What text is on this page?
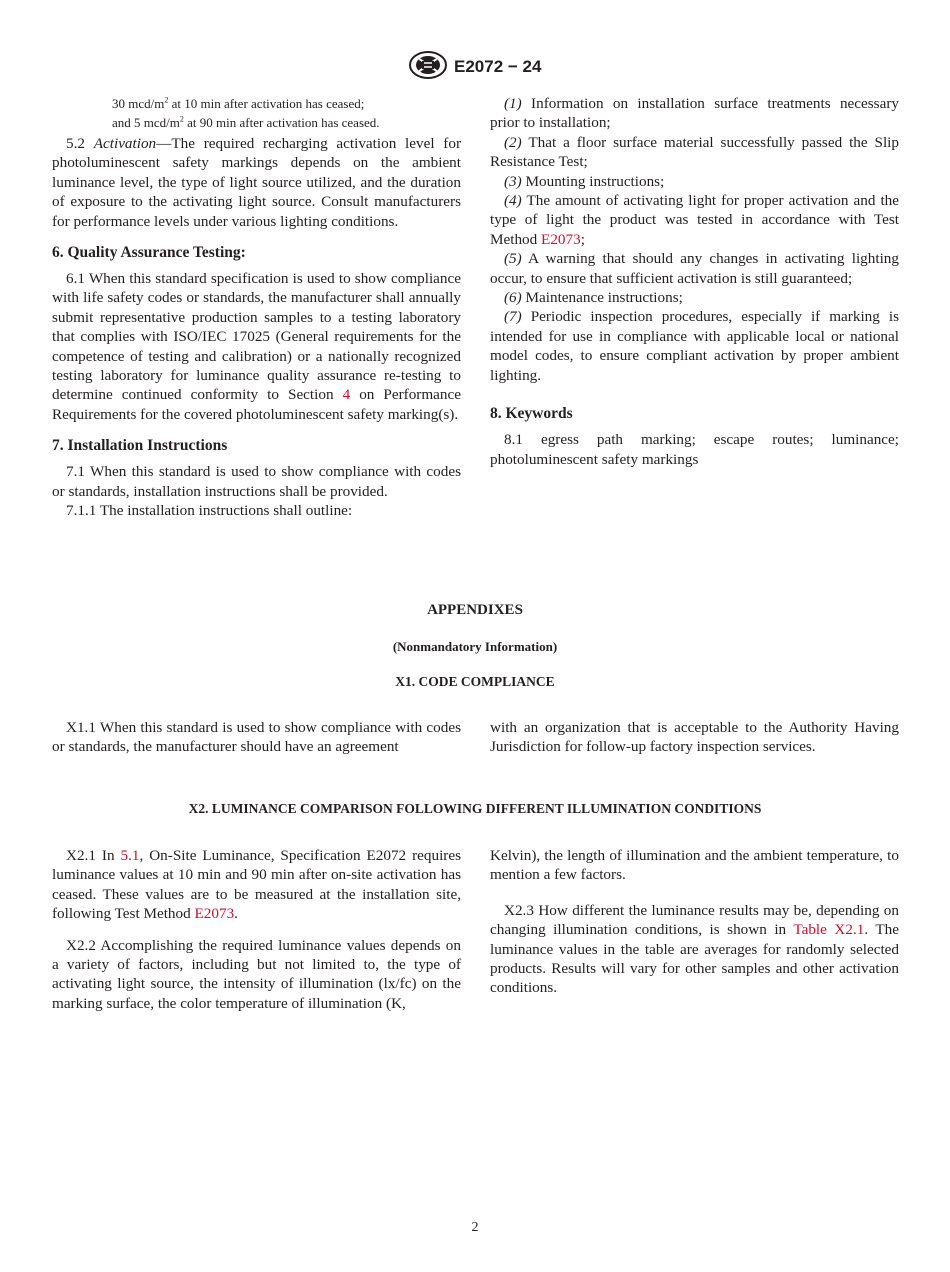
E2072 − 24

30 mcd/$m^2$ at 10 min after activation has ceased;

and 5 mcd/$m^2$ at 90 min after activation has ceased.

5.2 Activation—The required recharging activation level for photoluminescent safety markings depends on the ambient luminance level, the type of light source utilized, and the duration of exposure to the activating light source. Consult manufacturers for performance levels under various lighting conditions.

6. Quality Assurance Testing:

6.1 When this standard specification is used to show compliance with life safety codes or standards, the manufacturer shall annually submit representative production samples to a testing laboratory that complies with ISO/IEC 17025 (General requirements for the competence of testing and calibration) or a nationally recognized testing laboratory for luminance quality assurance re-testing to determine continued conformity to Section 4 on Performance Requirements for the covered photoluminescent safety marking(s).

7. Installation Instructions

7.1 When this standard is used to show compliance with codes or standards, installation instructions shall be provided.

7.1.1 The installation instructions shall outline:

(1) Information on installation surface treatments necessary prior to installation;

(2) That a floor surface material successfully passed the Slip Resistance Test;

(3) Mounting instructions;

(4) The amount of activating light for proper activation and the type of light the product was tested in accordance with Test Method E2073;

(5) A warning that should any changes in activating lighting occur, to ensure that sufficient activation is still guaranteed;

(6) Maintenance instructions;

(7) Periodic inspection procedures, especially if marking is intended for use in compliance with applicable local or national model codes, to ensure compliant activation by proper ambient lighting.

8. Keywords

8.1 egress path marking; escape routes; luminance; photoluminescent safety markings

APPENDIXES
(Nonmandatory Information)
X1. CODE COMPLIANCE

X1.1 When this standard is used to show compliance with codes or standards, the manufacturer should have an agreement

with an organization that is acceptable to the Authority Having Jurisdiction for follow-up factory inspection services.

X2. LUMINANCE COMPARISON FOLLOWING DIFFERENT ILLUMINATION CONDITIONS

X2.1 In 5.1, On-Site Luminance, Specification E2072 requires luminance values at 10 min and 90 min after on-site activation has ceased. These values are to be measured at the installation site, following Test Method E2073.

X2.2 Accomplishing the required luminance values depends on a variety of factors, including but not limited to, the type of activating light source, the intensity of illumination (lx/fc) on the marking surface, the color temperature of illumination (K,

Kelvin), the length of illumination and the ambient temperature, to mention a few factors.

X2.3 How different the luminance results may be, depending on changing illumination conditions, is shown in Table X2.1. The luminance values in the table are averages for randomly selected products. Results will vary for other samples and other activation conditions.

2
